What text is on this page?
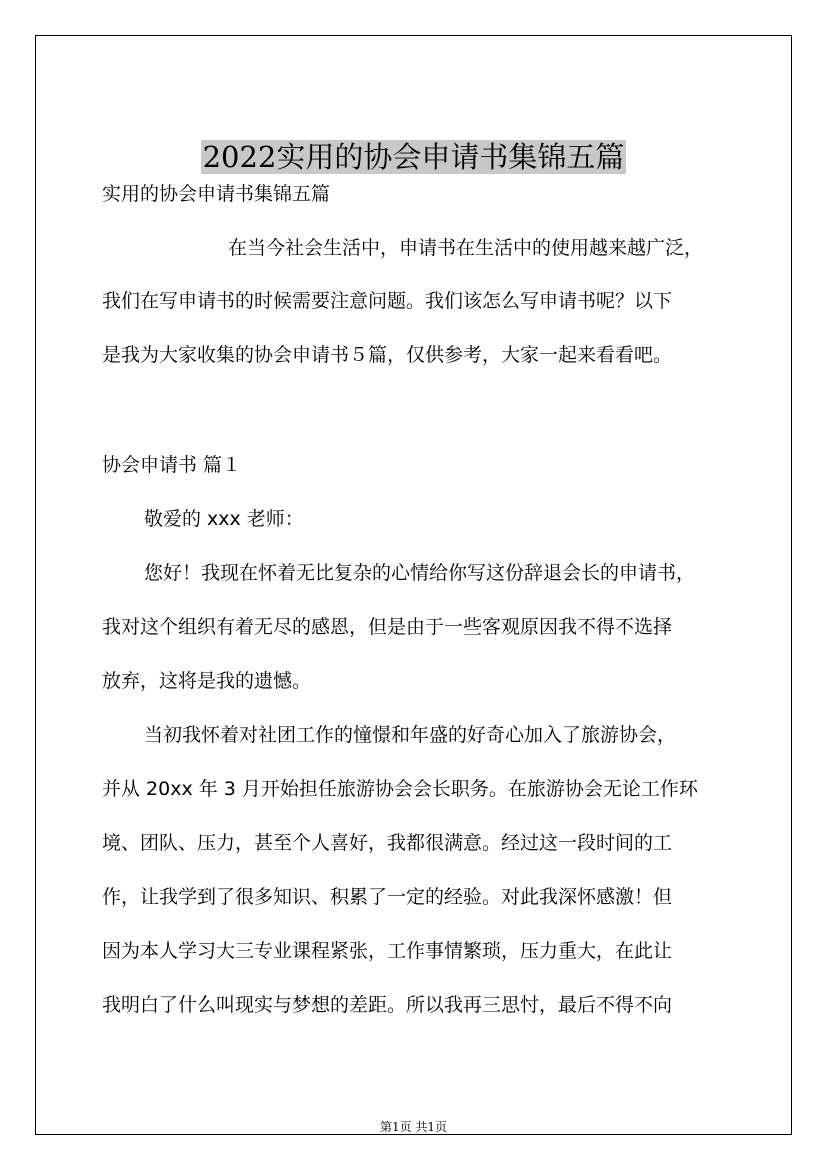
2022实用的协会申请书集锦五篇
实用的协会申请书集锦五篇
在当今社会生活中，申请书在生活中的使用越来越广泛，
我们在写申请书的时候需要注意问题。我们该怎么写申请书呢？以下
是我为大家收集的协会申请书５篇，仅供参考，大家一起来看看吧。
协会申请书 篇１
敬爱的 xxx 老师：
您好！我现在怀着无比复杂的心情给你写这份辞退会长的申请书，
我对这个组织有着无尽的感恩，但是由于一些客观原因我不得不选择
放弃，这将是我的遗憾。
当初我怀着对社团工作的憧憬和年盛的好奇心加入了旅游协会，
并从 20xx 年 3 月开始担任旅游协会会长职务。在旅游协会无论工作环
境、团队、压力，甚至个人喜好，我都很满意。经过这一段时间的工
作，让我学到了很多知识、积累了一定的经验。对此我深怀感激！但
因为本人学习大三专业课程紧张，工作事情繁琐，压力重大，在此让
我明白了什么叫现实与梦想的差距。所以我再三思忖，最后不得不向
第1页 共1页
